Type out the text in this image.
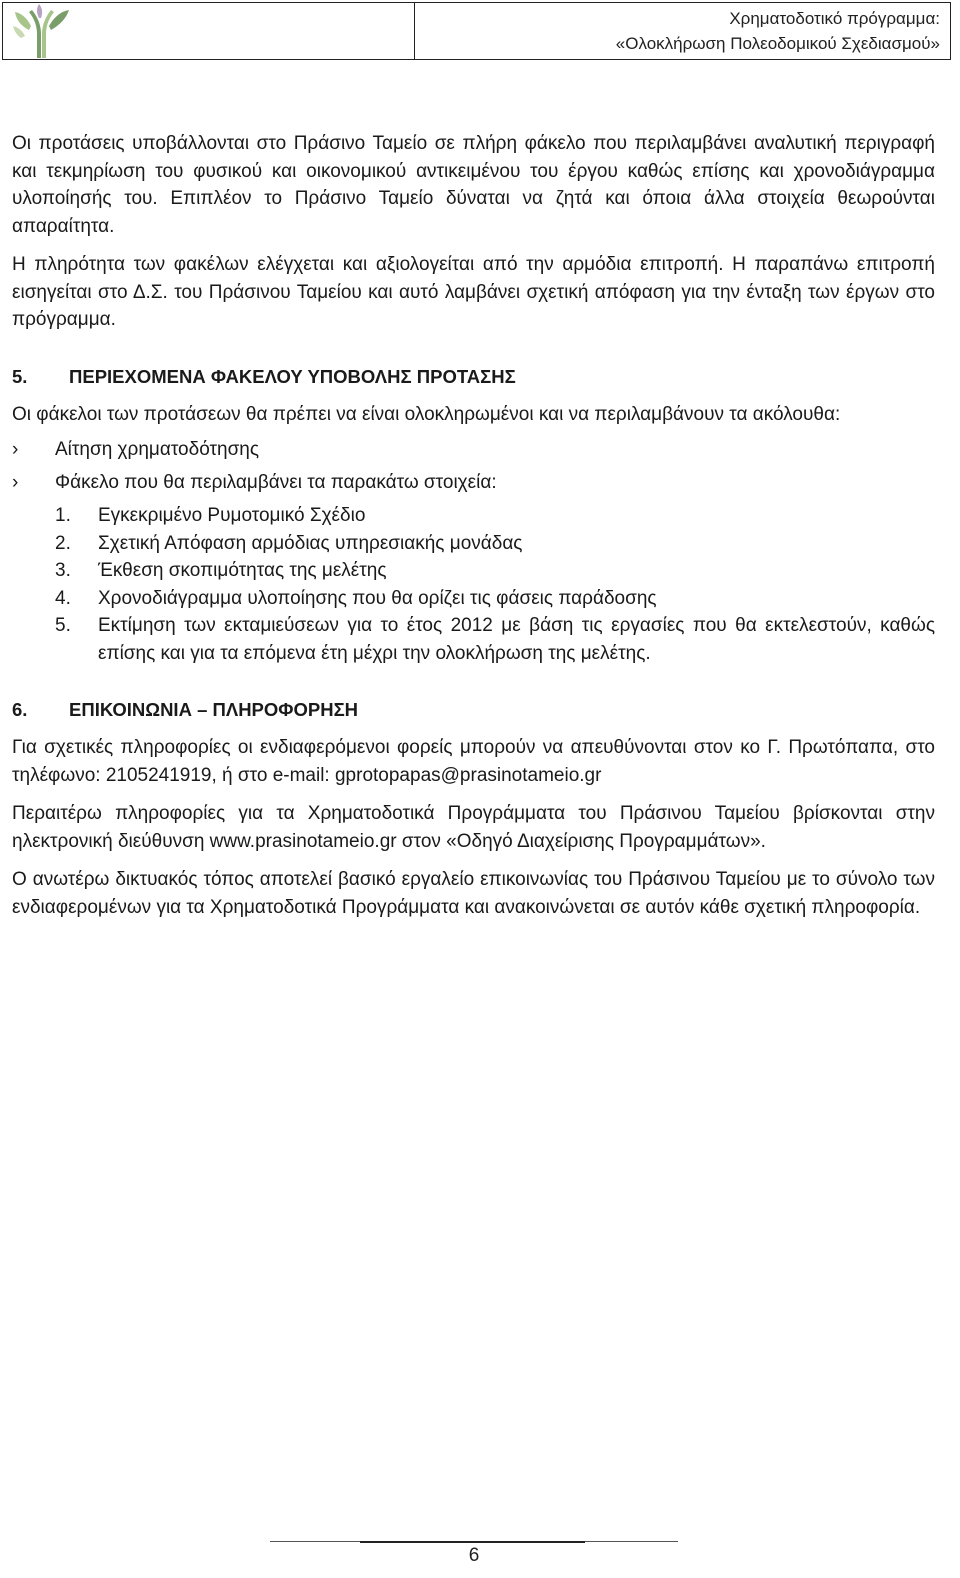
Χρηματοδοτικό πρόγραμμα:
«Ολοκλήρωση Πολεοδομικού Σχεδιασμού»

Οι προτάσεις υποβάλλονται στο Πράσινο Ταμείο σε πλήρη φάκελο που περιλαμβάνει αναλυτική περιγραφή και τεκμηρίωση του φυσικού και οικονομικού αντικειμένου του έργου καθώς επίσης και χρονοδιάγραμμα υλοποίησής του. Επιπλέον το Πράσινο Ταμείο δύναται να ζητά και όποια άλλα στοιχεία θεωρούνται απαραίτητα.

Η πληρότητα των φακέλων ελέγχεται και αξιολογείται από την αρμόδια επιτροπή. Η παραπάνω επιτροπή εισηγείται στο Δ.Σ. του Πράσινου Ταμείου και αυτό λαμβάνει σχετική απόφαση για την ένταξη των έργων στο πρόγραμμα.

5.	ΠΕΡΙΕΧΟΜΕΝΑ ΦΑΚΕΛΟΥ ΥΠΟΒΟΛΗΣ ΠΡΟΤΑΣΗΣ

Οι φάκελοι των προτάσεων θα πρέπει να είναι ολοκληρωμένοι και να περιλαμβάνουν τα ακόλουθα:

›	Αίτηση χρηματοδότησης
›	Φάκελο που θα περιλαμβάνει τα παρακάτω στοιχεία:
1.	Εγκεκριμένο Ρυμοτομικό Σχέδιο
2.	Σχετική Απόφαση αρμόδιας υπηρεσιακής μονάδας
3.	Έκθεση σκοπιμότητας της μελέτης
4.	Χρονοδιάγραμμα υλοποίησης που θα ορίζει τις φάσεις παράδοσης
5.	Εκτίμηση των εκταμιεύσεων για το έτος 2012 με βάση τις εργασίες που θα εκτελεστούν, καθώς επίσης και για τα επόμενα έτη μέχρι την ολοκλήρωση της μελέτης.
6.	ΕΠΙΚΟΙΝΩΝΙΑ – ΠΛΗΡΟΦΟΡΗΣΗ

Για σχετικές πληροφορίες οι ενδιαφερόμενοι φορείς μπορούν να απευθύνονται στον κο Γ. Πρωτόπαπα, στο τηλέφωνο: 2105241919, ή στο e-mail: gprotopapas@prasinotameio.gr

Περαιτέρω πληροφορίες για τα Χρηματοδοτικά Προγράμματα του Πράσινου Ταμείου βρίσκονται στην ηλεκτρονική διεύθυνση www.prasinotameio.gr στον «Οδηγό Διαχείρισης Προγραμμάτων».

Ο ανωτέρω δικτυακός τόπος αποτελεί βασικό εργαλείο επικοινωνίας του Πράσινου Ταμείου με το σύνολο των ενδιαφερομένων για τα Χρηματοδοτικά Προγράμματα και ανακοινώνεται σε αυτόν κάθε σχετική πληροφορία.

6
